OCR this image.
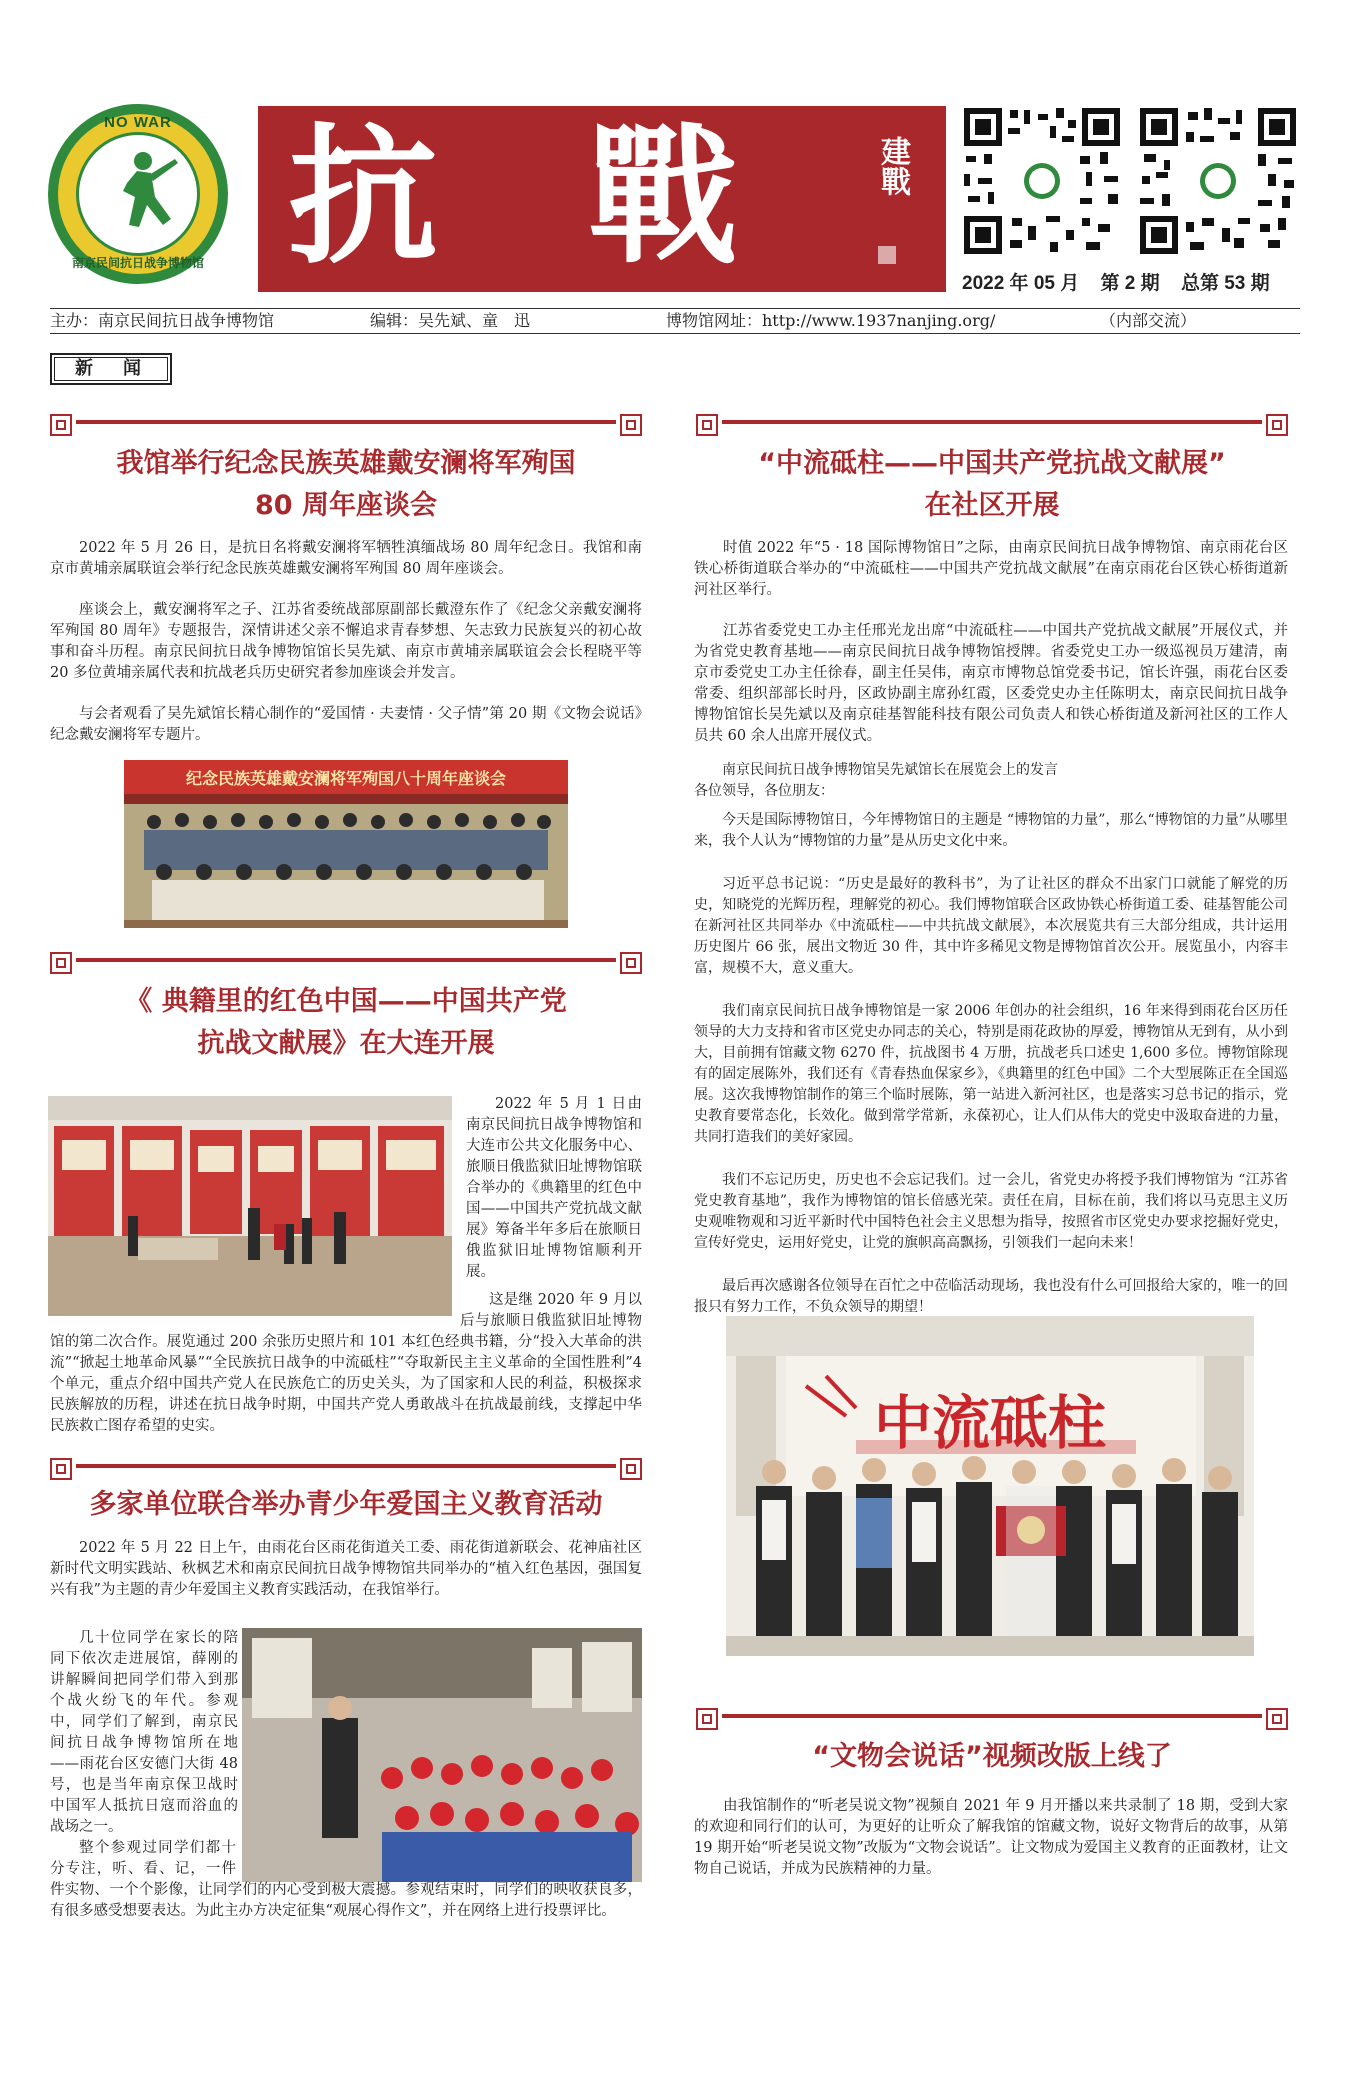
NO WAR
南京民间抗日战争博物馆 抗 戰	建戰
2022 年 05 月 第 2 期 总第 53 期
主办：南京民间抗日战争博物馆	编辑：吴先斌、童　迅	博物馆网址：http://www.1937nanjing.org/	（内部交流）
新　闻
我馆举行纪念民族英雄戴安澜将军殉国
80 周年座谈会

2022 年 5 月 26 日，是抗日名将戴安澜将军牺牲滇缅战场 80 周年纪念日。我馆和南京市黄埔亲属联谊会举行纪念民族英雄戴安澜将军殉国 80 周年座谈会。

座谈会上，戴安澜将军之子、江苏省委统战部原副部长戴澄东作了《纪念父亲戴安澜将军殉国 80 周年》专题报告，深情讲述父亲不懈追求青春梦想、矢志致力民族复兴的初心故事和奋斗历程。南京民间抗日战争博物馆馆长吴先斌、南京市黄埔亲属联谊会会长程晓平等 20 多位黄埔亲属代表和抗战老兵历史研究者参加座谈会并发言。

与会者观看了吴先斌馆长精心制作的“爱国情 · 夫妻情 · 父子情”第 20 期《文物会说话》纪念戴安澜将军专题片。

纪念民族英雄戴安澜将军殉国八十周年座谈会
《 典籍里的红色中国——中国共产党
抗战文献展》在大连开展

2022 年 5 月 1 日由南京民间抗日战争博物馆和大连市公共文化服务中心、旅顺日俄监狱旧址博物馆联合举办的《典籍里的红色中国——中国共产党抗战文献展》筹备半年多后在旅顺日俄监狱旧址博物馆顺利开展。

这是继 2020 年 9 月以后与旅顺日俄监狱旧址博物馆的第二次合作。展览通过 200 余张历史照片和 101 本红色经典书籍，分“投入大革命的洪流”“掀起土地革命风暴”“全民族抗日战争的中流砥柱”“夺取新民主主义革命的全国性胜利”4 个单元，重点介绍中国共产党人在民族危亡的历史关头，为了国家和人民的利益，积极探求民族解放的历程，讲述在抗日战争时期，中国共产党人勇敢战斗在抗战最前线，支撑起中华民族救亡图存希望的史实。

多家单位联合举办青少年爱国主义教育活动

2022 年 5 月 22 日上午，由雨花台区雨花街道关工委、雨花街道新联会、花神庙社区新时代文明实践站、秋枫艺术和南京民间抗日战争博物馆共同举办的“植入红色基因，强国复兴有我”为主题的青少年爱国主义教育实践活动，在我馆举行。

几十位同学在家长的陪同下依次走进展馆，薛刚的讲解瞬间把同学们带入到那个战火纷飞的年代。参观中，同学们了解到，南京民间抗日战争博物馆所在地——雨花台区安德门大街 48 号，也是当年南京保卫战时中国军人抵抗日寇而浴血的战场之一。

整个参观过同学们都十分专注，听、看、记，一件件实物、一个个影像，让同学们的内心受到极大震撼。参观结束时，同学们的映收获良多，有很多感受想要表达。为此主办方决定征集“观展心得作文”，并在网络上进行投票评比。

“中流砥柱——中国共产党抗战文献展”
在社区开展

时值 2022 年“5 · 18 国际博物馆日”之际，由南京民间抗日战争博物馆、南京雨花台区铁心桥街道联合举办的“中流砥柱——中国共产党抗战文献展”在南京雨花台区铁心桥街道新河社区举行。

江苏省委党史工办主任邢光龙出席“中流砥柱——中国共产党抗战文献展”开展仪式，并为省党史教育基地——南京民间抗日战争博物馆授牌。省委党史工办一级巡视员万建清，南京市委党史工办主任徐春，副主任吴伟，南京市博物总馆党委书记，馆长许强，雨花台区委常委、组织部部长时丹，区政协副主席孙红霞，区委党史办主任陈明太，南京民间抗日战争博物馆馆长吴先斌以及南京硅基智能科技有限公司负责人和铁心桥街道及新河社区的工作人员共 60 余人出席开展仪式。

南京民间抗日战争博物馆吴先斌馆长在展览会上的发言

各位领导，各位朋友：

今天是国际博物馆日，今年博物馆日的主题是 “博物馆的力量”，那么“博物馆的力量”从哪里来，我个人认为“博物馆的力量”是从历史文化中来。

习近平总书记说：“历史是最好的教科书”，为了让社区的群众不出家门口就能了解党的历史，知晓党的光辉历程，理解党的初心。我们博物馆联合区政协铁心桥街道工委、硅基智能公司在新河社区共同举办《中流砥柱——中共抗战文献展》，本次展览共有三大部分组成，共计运用历史图片 66 张，展出文物近 30 件，其中许多稀见文物是博物馆首次公开。展览虽小，内容丰富，规模不大，意义重大。

我们南京民间抗日战争博物馆是一家 2006 年创办的社会组织，16 年来得到雨花台区历任领导的大力支持和省市区党史办同志的关心，特别是雨花政协的厚爱，博物馆从无到有，从小到大，目前拥有馆藏文物 6270 件，抗战图书 4 万册，抗战老兵口述史 1,600 多位。博物馆除现有的固定展陈外，我们还有《青春热血保家乡》，《典籍里的红色中国》二个大型展陈正在全国巡展。这次我博物馆制作的第三个临时展陈，第一站进入新河社区，也是落实习总书记的指示，党史教育要常态化，长效化。做到常学常新，永葆初心，让人们从伟大的党史中汲取奋进的力量，共同打造我们的美好家园。

我们不忘记历史，历史也不会忘记我们。过一会儿，省党史办将授予我们博物馆为 “江苏省党史教育基地”，我作为博物馆的馆长倍感光荣。责任在肩，目标在前，我们将以马克思主义历史观唯物观和习近平新时代中国特色社会主义思想为指导，按照省市区党史办要求挖掘好党史，宣传好党史，运用好党史，让党的旗帜高高飘扬，引领我们一起向未来！

最后再次感谢各位领导在百忙之中莅临活动现场，我也没有什么可回报给大家的，唯一的回报只有努力工作，不负众领导的期望！

中流砥柱
“文物会说话”视频改版上线了

由我馆制作的“听老吴说文物”视频自 2021 年 9 月开播以来共录制了 18 期，受到大家的欢迎和同行们的认可，为更好的让听众了解我馆的馆藏文物，说好文物背后的故事，从第 19 期开始“听老吴说文物”改版为“文物会说话”。让文物成为爱国主义教育的正面教材，让文物自己说话，并成为民族精神的力量。
